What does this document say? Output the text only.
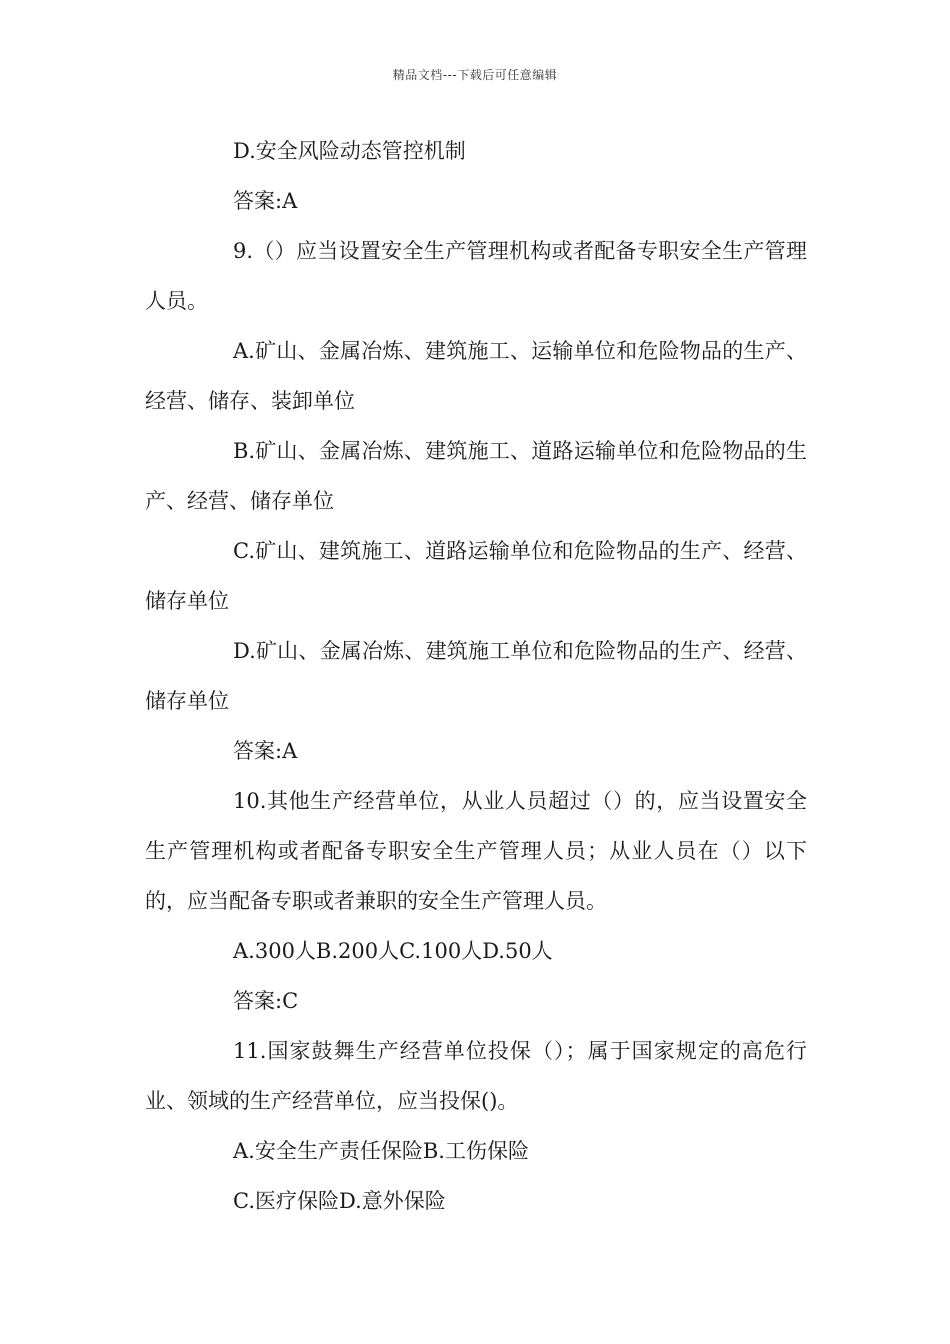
精品文档---下载后可任意编辑

D.安全风险动态管控机制

答案:A

9.（）应当设置安全生产管理机构或者配备专职安全生产管理人员。

A.矿山、金属冶炼、建筑施工、运输单位和危险物品的生产、经营、储存、装卸单位

B.矿山、金属冶炼、建筑施工、道路运输单位和危险物品的生产、经营、储存单位

C.矿山、建筑施工、道路运输单位和危险物品的生产、经营、储存单位

D.矿山、金属冶炼、建筑施工单位和危险物品的生产、经营、储存单位

答案:A

10.其他生产经营单位，从业人员超过（）的，应当设置安全生产管理机构或者配备专职安全生产管理人员；从业人员在（）以下的，应当配备专职或者兼职的安全生产管理人员。

A.300人B.200人C.100人D.50人

答案:C

11.国家鼓舞生产经营单位投保（）；属于国家规定的高危行业、领域的生产经营单位，应当投保()。

A.安全生产责任保险B.工伤保险

C.医疗保险D.意外保险
